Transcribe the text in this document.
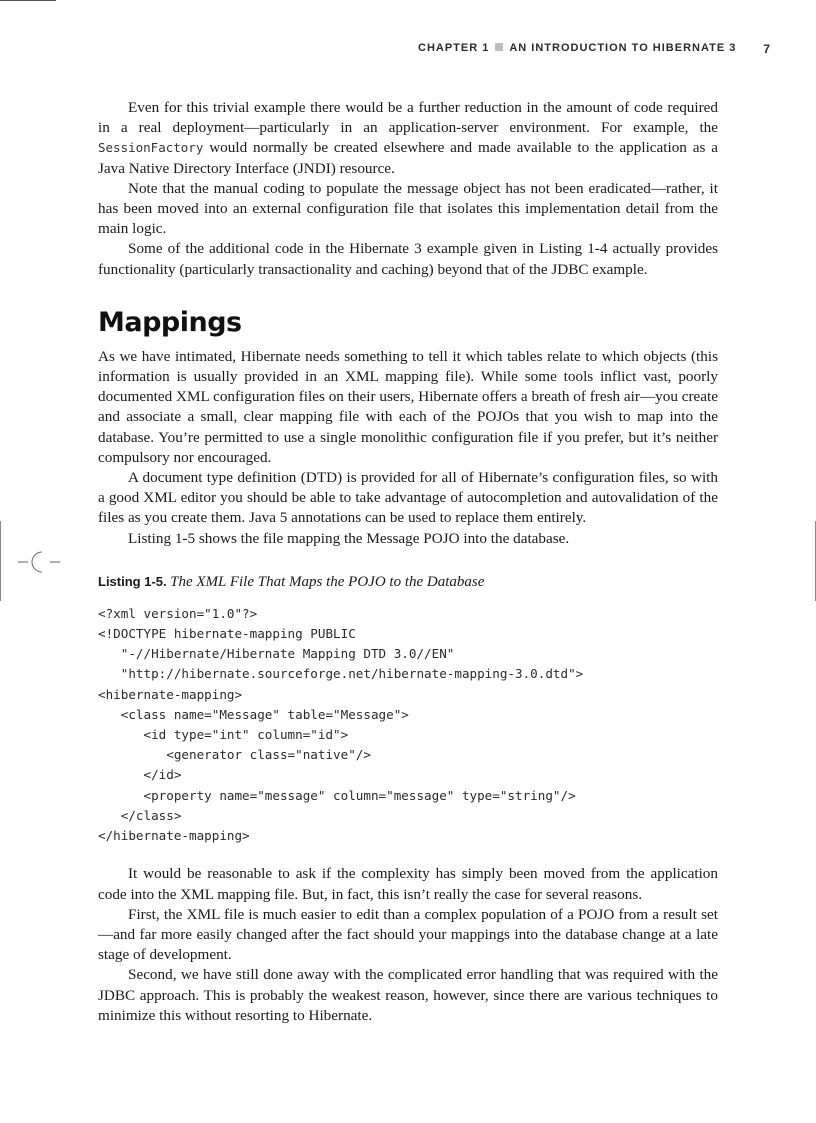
CHAPTER 1 AN INTRODUCTION TO HIBERNATE 3 7

Even for this trivial example there would be a further reduction in the amount of code required in a real deployment—particularly in an application-server environment. For example, the SessionFactory would normally be created elsewhere and made available to the application as a Java Native Directory Interface (JNDI) resource.

Note that the manual coding to populate the message object has not been eradicated—rather, it has been moved into an external configuration file that isolates this implementation detail from the main logic.

Some of the additional code in the Hibernate 3 example given in Listing 1-4 actually provides functionality (particularly transactionality and caching) beyond that of the JDBC example.

Mappings

As we have intimated, Hibernate needs something to tell it which tables relate to which objects (this information is usually provided in an XML mapping file). While some tools inflict vast, poorly documented XML configuration files on their users, Hibernate offers a breath of fresh air—you create and associate a small, clear mapping file with each of the POJOs that you wish to map into the database. You’re permitted to use a single monolithic configuration file if you prefer, but it’s neither compulsory nor encouraged.

A document type definition (DTD) is provided for all of Hibernate’s configuration files, so with a good XML editor you should be able to take advantage of autocompletion and autovalidation of the files as you create them. Java 5 annotations can be used to replace them entirely.

Listing 1-5 shows the file mapping the Message POJO into the database.

Listing 1-5. The XML File That Maps the POJO to the Database
<?xml version="1.0"?>
<!DOCTYPE hibernate-mapping PUBLIC
"-//Hibernate/Hibernate Mapping DTD 3.0//EN"
"http://hibernate.sourceforge.net/hibernate-mapping-3.0.dtd">
<hibernate-mapping>
<class name="Message" table="Message">
<id type="int" column="id">
<generator class="native"/>
</id>
<property name="message" column="message" type="string"/>
</class>
</hibernate-mapping>

It would be reasonable to ask if the complexity has simply been moved from the application code into the XML mapping file. But, in fact, this isn’t really the case for several reasons.

First, the XML file is much easier to edit than a complex population of a POJO from a result set—and far more easily changed after the fact should your mappings into the database change at a late stage of development.

Second, we have still done away with the complicated error handling that was required with the JDBC approach. This is probably the weakest reason, however, since there are various techniques to minimize this without resorting to Hibernate.
